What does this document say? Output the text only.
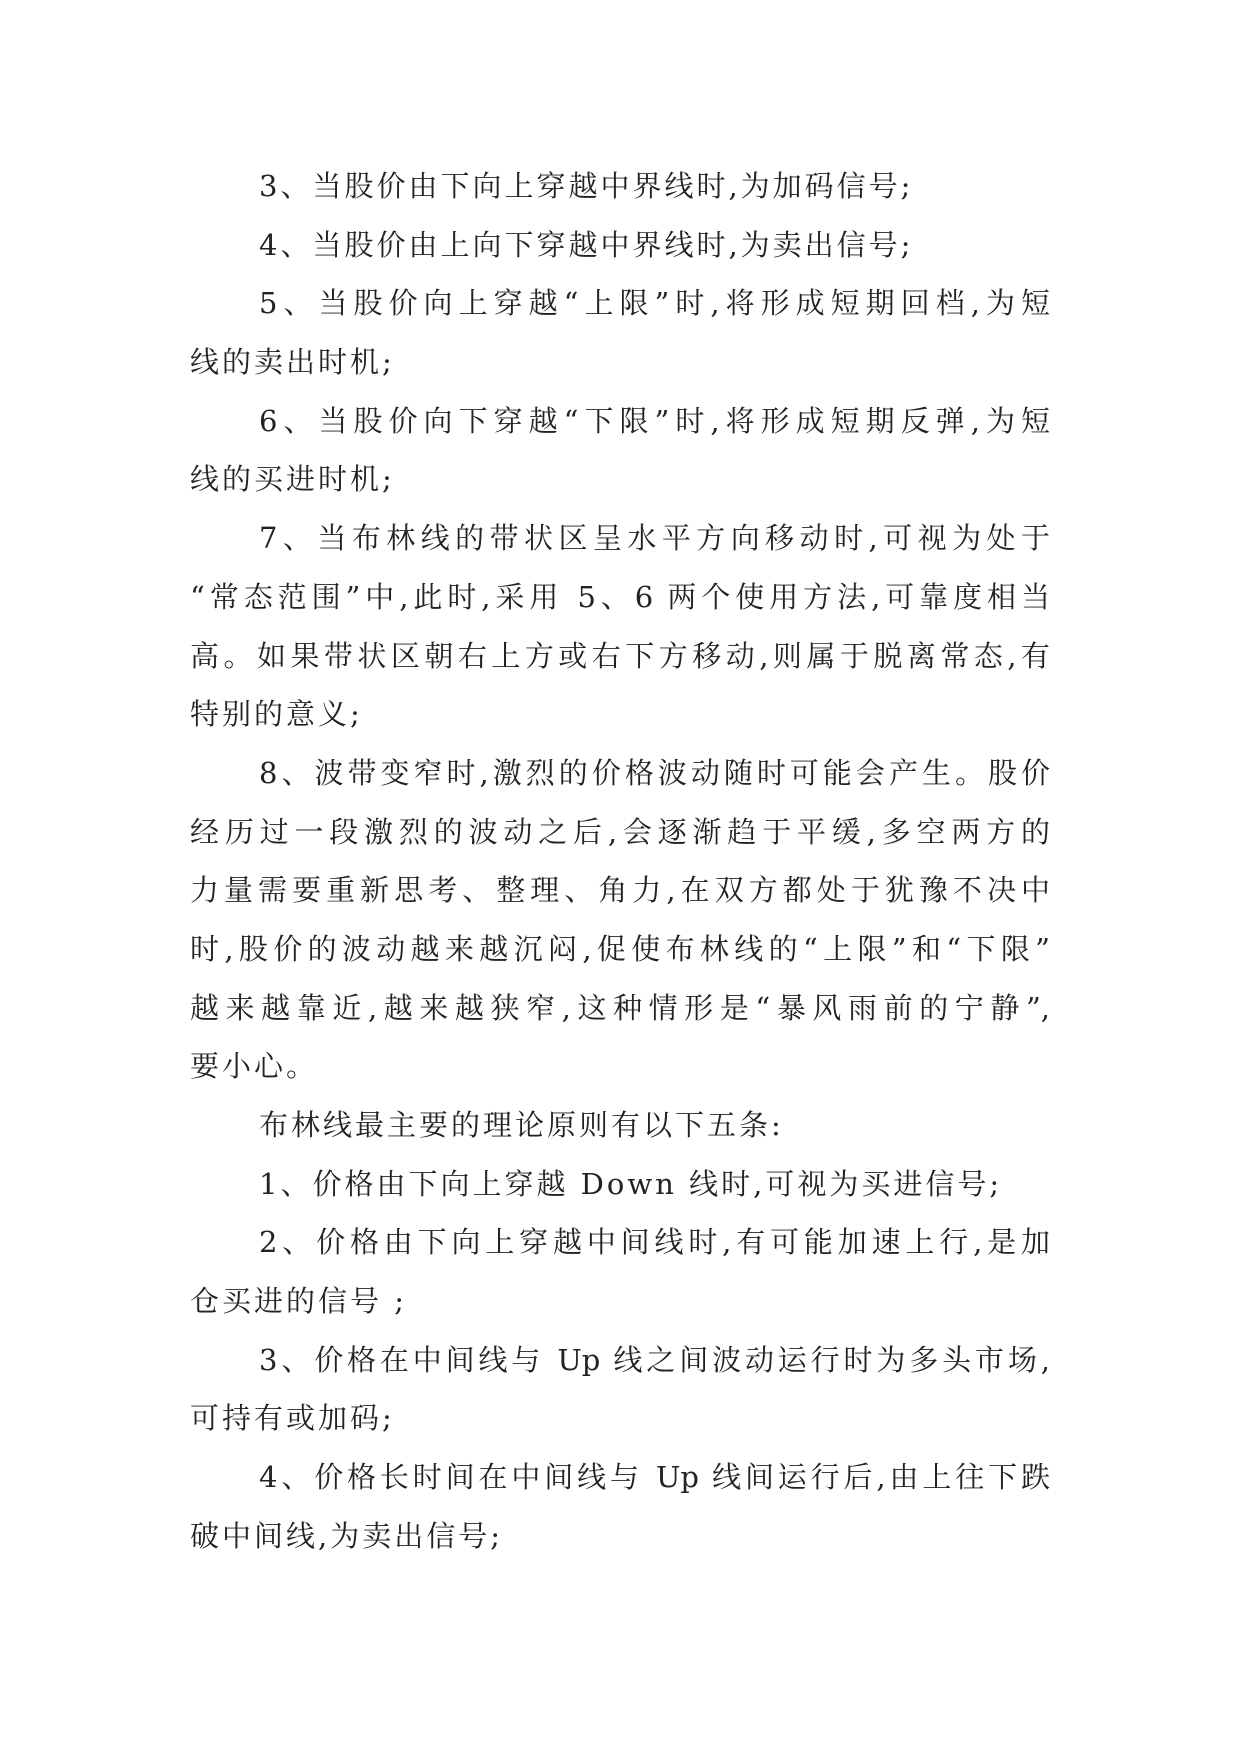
3、当股价由下向上穿越中界线时,为加码信号;
4、当股价由上向下穿越中界线时,为卖出信号;
5、当股价向上穿越“上限”时,将形成短期回档,为短
线的卖出时机;
6、当股价向下穿越“下限”时,将形成短期反弹,为短
线的买进时机;
7、当布林线的带状区呈水平方向移动时,可视为处于
“常态范围”中,此时,采用 5、6 两个使用方法,可靠度相当
高。如果带状区朝右上方或右下方移动,则属于脱离常态,有
特别的意义;
8、波带变窄时,激烈的价格波动随时可能会产生。股价
经历过一段激烈的波动之后,会逐渐趋于平缓,多空两方的
力量需要重新思考、整理、角力,在双方都处于犹豫不决中
时,股价的波动越来越沉闷,促使布林线的“上限”和“下限”
越来越靠近,越来越狭窄,这种情形是“暴风雨前的宁静”,
要小心。
布林线最主要的理论原则有以下五条:
1、价格由下向上穿越 Down 线时,可视为买进信号;
2、价格由下向上穿越中间线时,有可能加速上行,是加
仓买进的信号 ;
3、价格在中间线与 Up 线之间波动运行时为多头市场,
可持有或加码;
4、价格长时间在中间线与 Up 线间运行后,由上往下跌
破中间线,为卖出信号;
